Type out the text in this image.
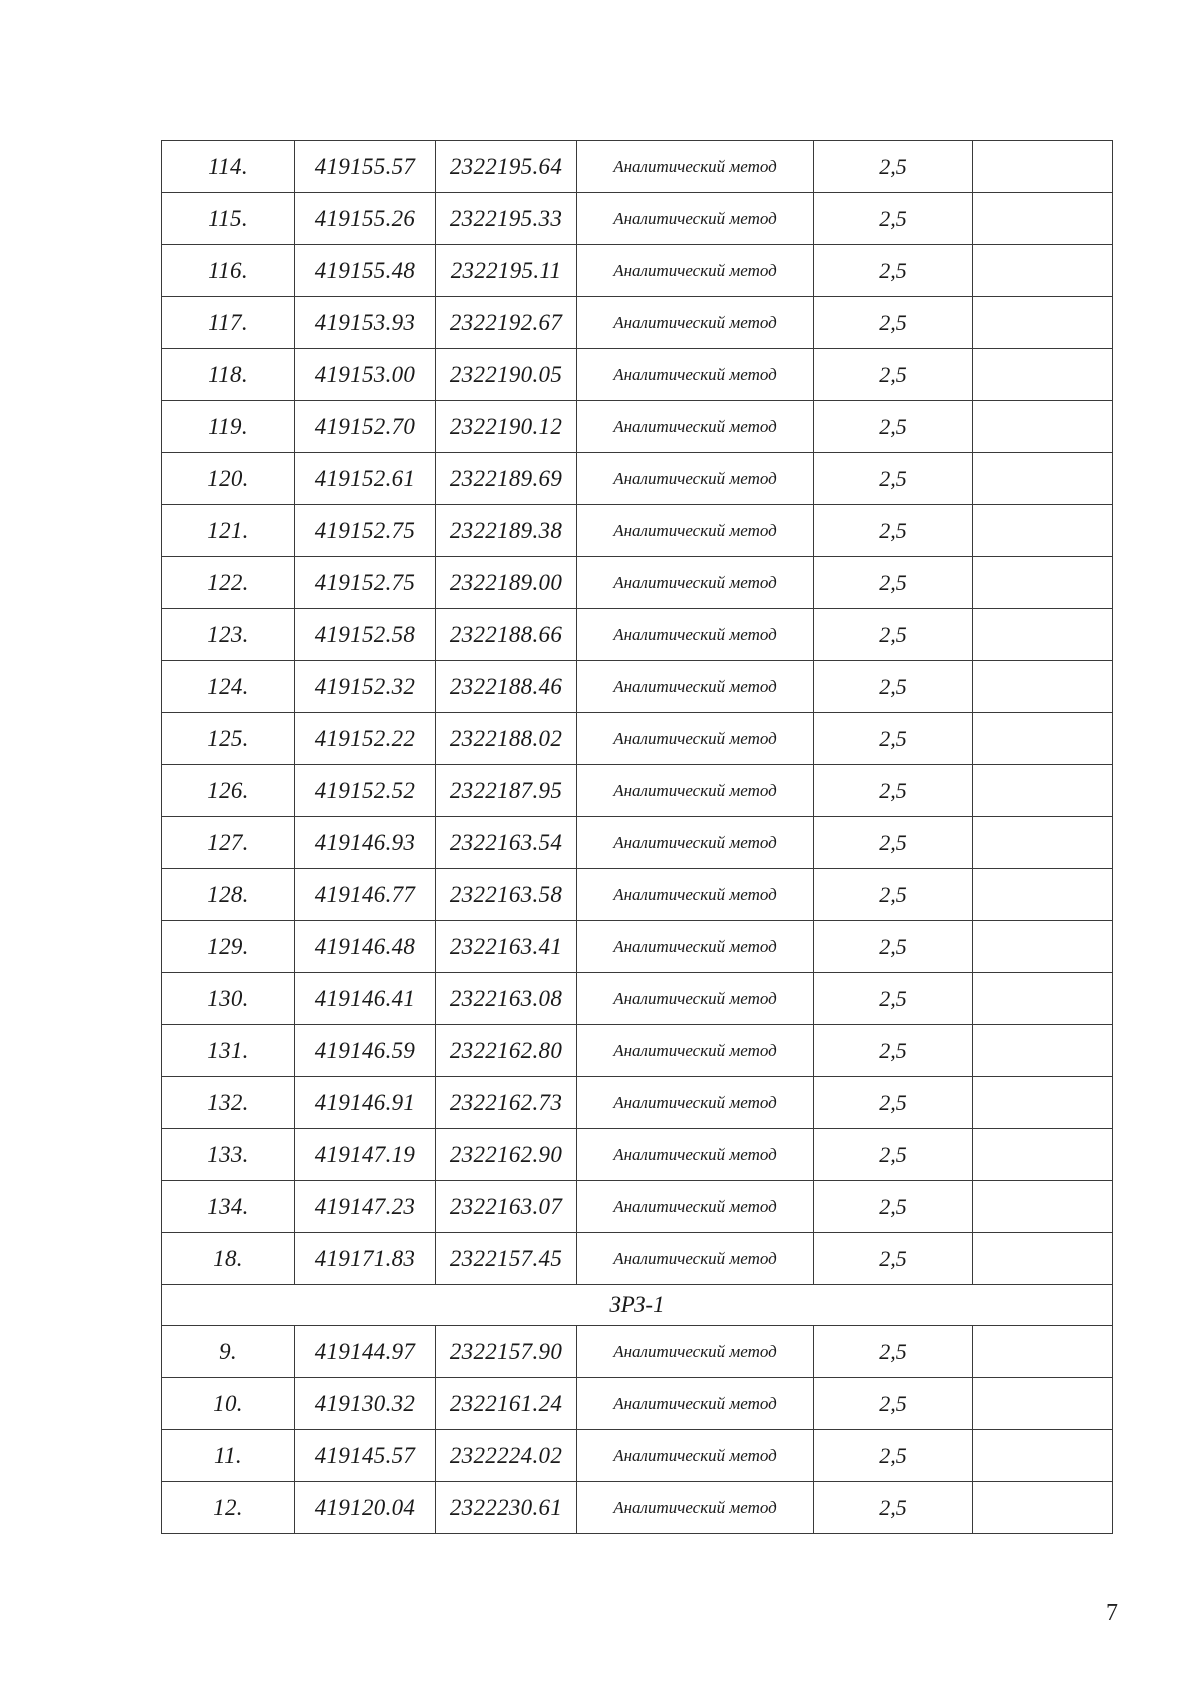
114.	419155.57	2322195.64	Аналитический метод	2,5	
115.	419155.26	2322195.33	Аналитический метод	2,5	
116.	419155.48	2322195.11	Аналитический метод	2,5	
117.	419153.93	2322192.67	Аналитический метод	2,5	
118.	419153.00	2322190.05	Аналитический метод	2,5	
119.	419152.70	2322190.12	Аналитический метод	2,5	
120.	419152.61	2322189.69	Аналитический метод	2,5	
121.	419152.75	2322189.38	Аналитический метод	2,5	
122.	419152.75	2322189.00	Аналитический метод	2,5	
123.	419152.58	2322188.66	Аналитический метод	2,5	
124.	419152.32	2322188.46	Аналитический метод	2,5	
125.	419152.22	2322188.02	Аналитический метод	2,5	
126.	419152.52	2322187.95	Аналитический метод	2,5	
127.	419146.93	2322163.54	Аналитический метод	2,5	
128.	419146.77	2322163.58	Аналитический метод	2,5	
129.	419146.48	2322163.41	Аналитический метод	2,5	
130.	419146.41	2322163.08	Аналитический метод	2,5	
131.	419146.59	2322162.80	Аналитический метод	2,5	
132.	419146.91	2322162.73	Аналитический метод	2,5	
133.	419147.19	2322162.90	Аналитический метод	2,5	
134.	419147.23	2322163.07	Аналитический метод	2,5	
18.	419171.83	2322157.45	Аналитический метод	2,5	
ЗРЗ-1					
9.	419144.97	2322157.90	Аналитический метод	2,5	
10.	419130.32	2322161.24	Аналитический метод	2,5	
11.	419145.57	2322224.02	Аналитический метод	2,5	
12.	419120.04	2322230.61	Аналитический метод	2,5	
7
